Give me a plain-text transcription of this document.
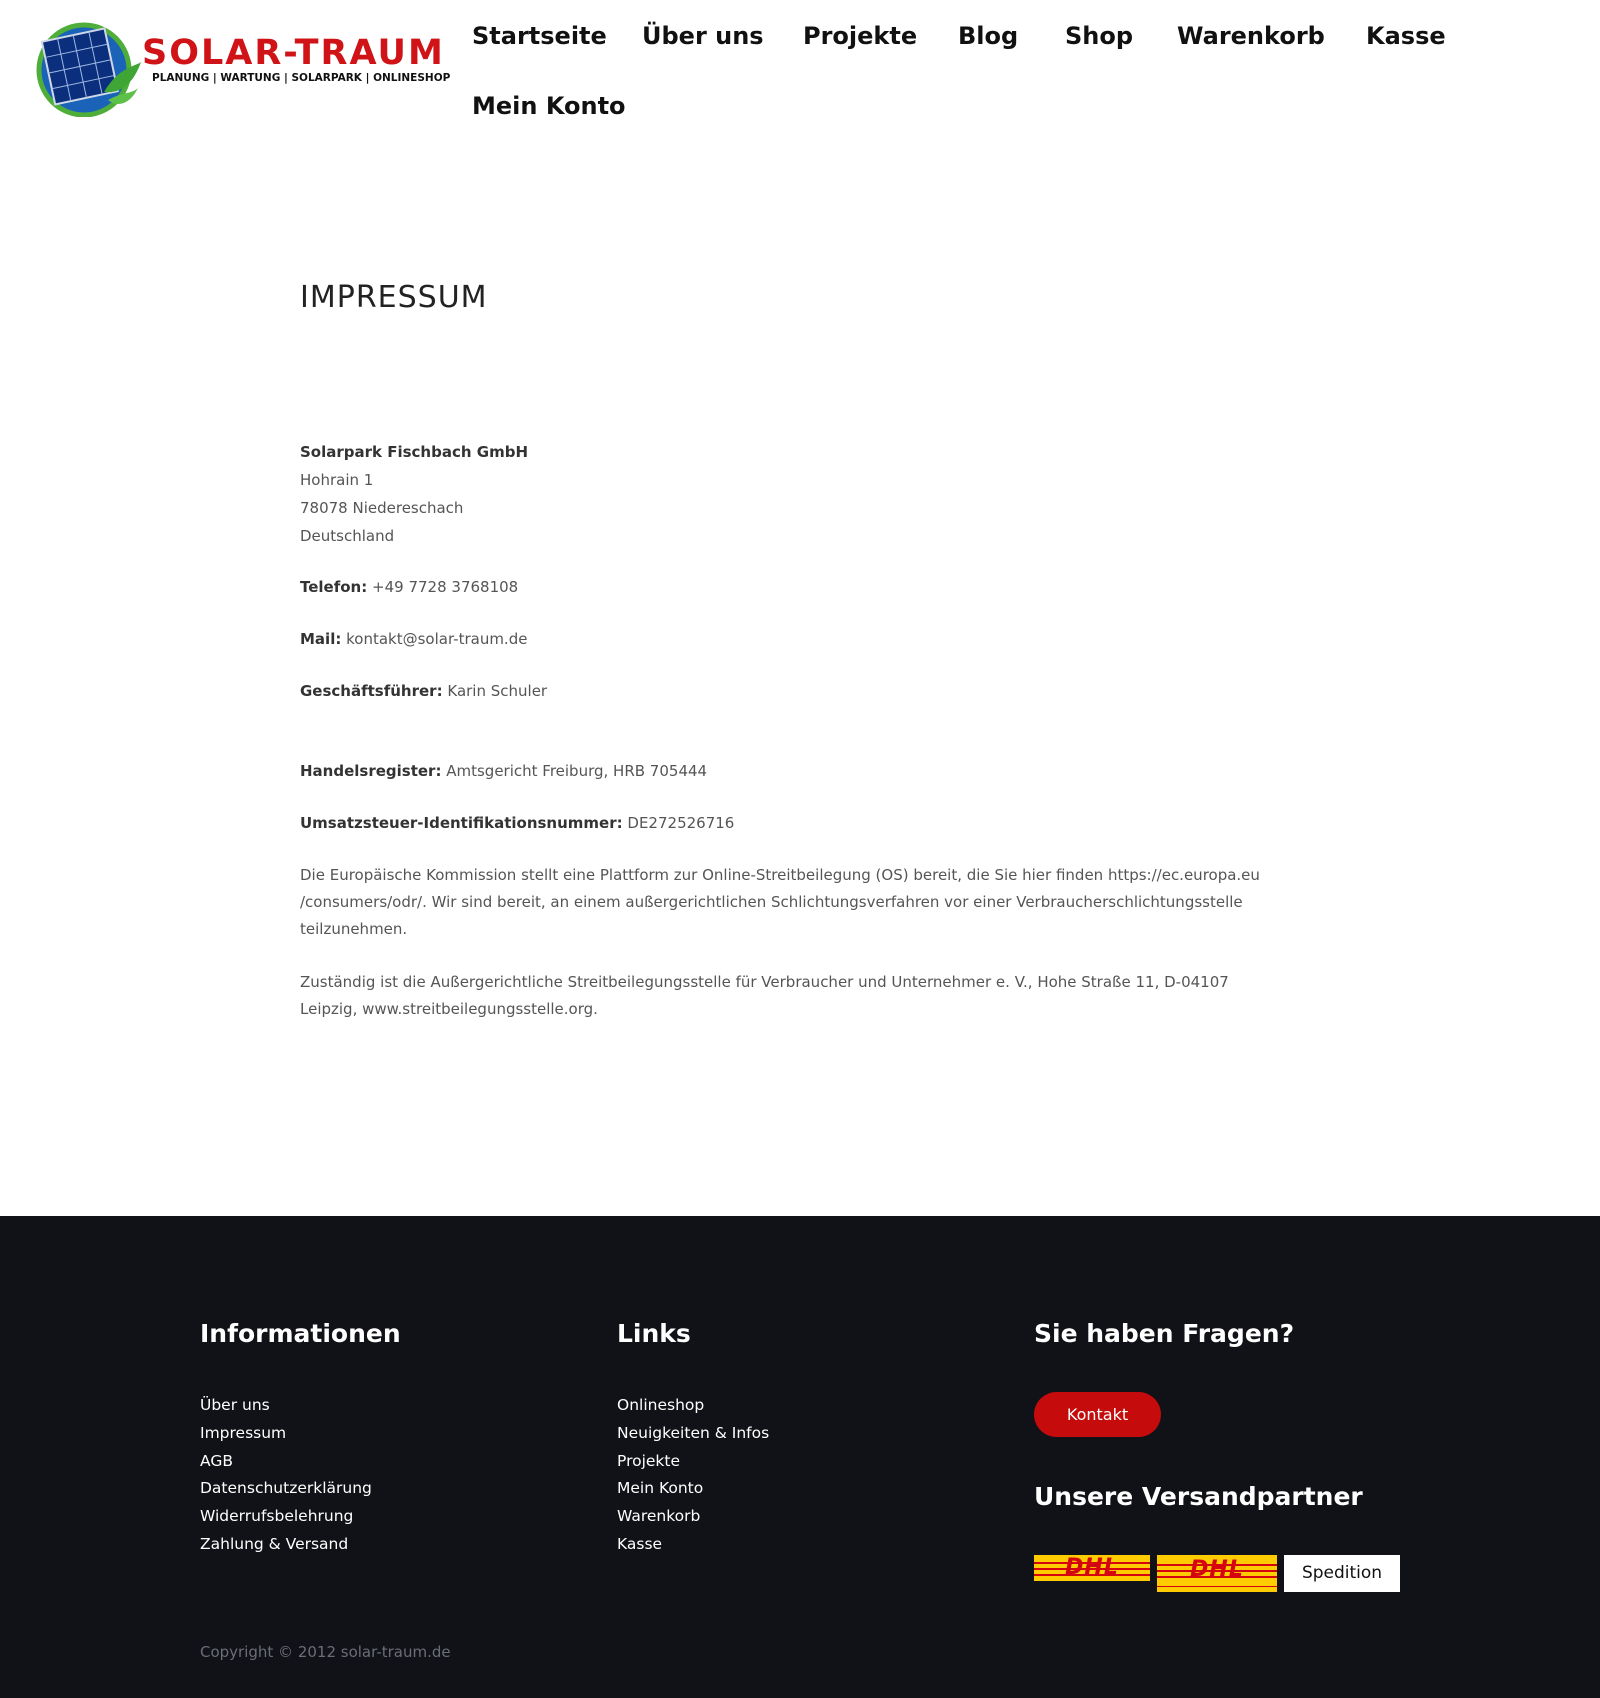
SOLAR-TRAUM
PLANUNG | WARTUNG | SOLARPARK | ONLINESHOP
Startseite Über uns Projekte Blog Shop Warenkorb Kasse
Mein Konto
IMPRESSUM
Solarpark Fischbach GmbH
Hohrain 1
78078 Niedereschach
Deutschland
Telefon: +49 7728 3768108
Mail: kontakt@solar-traum.de
Geschäftsführer: Karin Schuler
Handelsregister: Amtsgericht Freiburg, HRB 705444
Umsatzsteuer-Identifikationsnummer: DE272526716

Die Europäische Kommission stellt eine Plattform zur Online-Streitbeilegung (OS) bereit, die Sie hier finden https://ec.europa.eu /consumers/odr/. Wir sind bereit, an einem außergerichtlichen Schlichtungsverfahren vor einer Verbraucherschlichtungsstelle teilzunehmen.

Zuständig ist die Außergerichtliche Streitbeilegungsstelle für Verbraucher und Unternehmer e. V., Hohe Straße 11, D-04107 Leipzig, www.streitbeilegungsstelle.org.

Informationen
Über uns
Impressum
AGB
Datenschutzerklärung
Widerrufsbelehrung
Zahlung & Versand
Links
Onlineshop
Neuigkeiten & Infos
Projekte
Mein Konto
Warenkorb
Kasse
Sie haben Fragen?
Kontakt
Unsere Versandpartner
DHL	DHL	Spedition
Copyright © 2012 solar-traum.de
